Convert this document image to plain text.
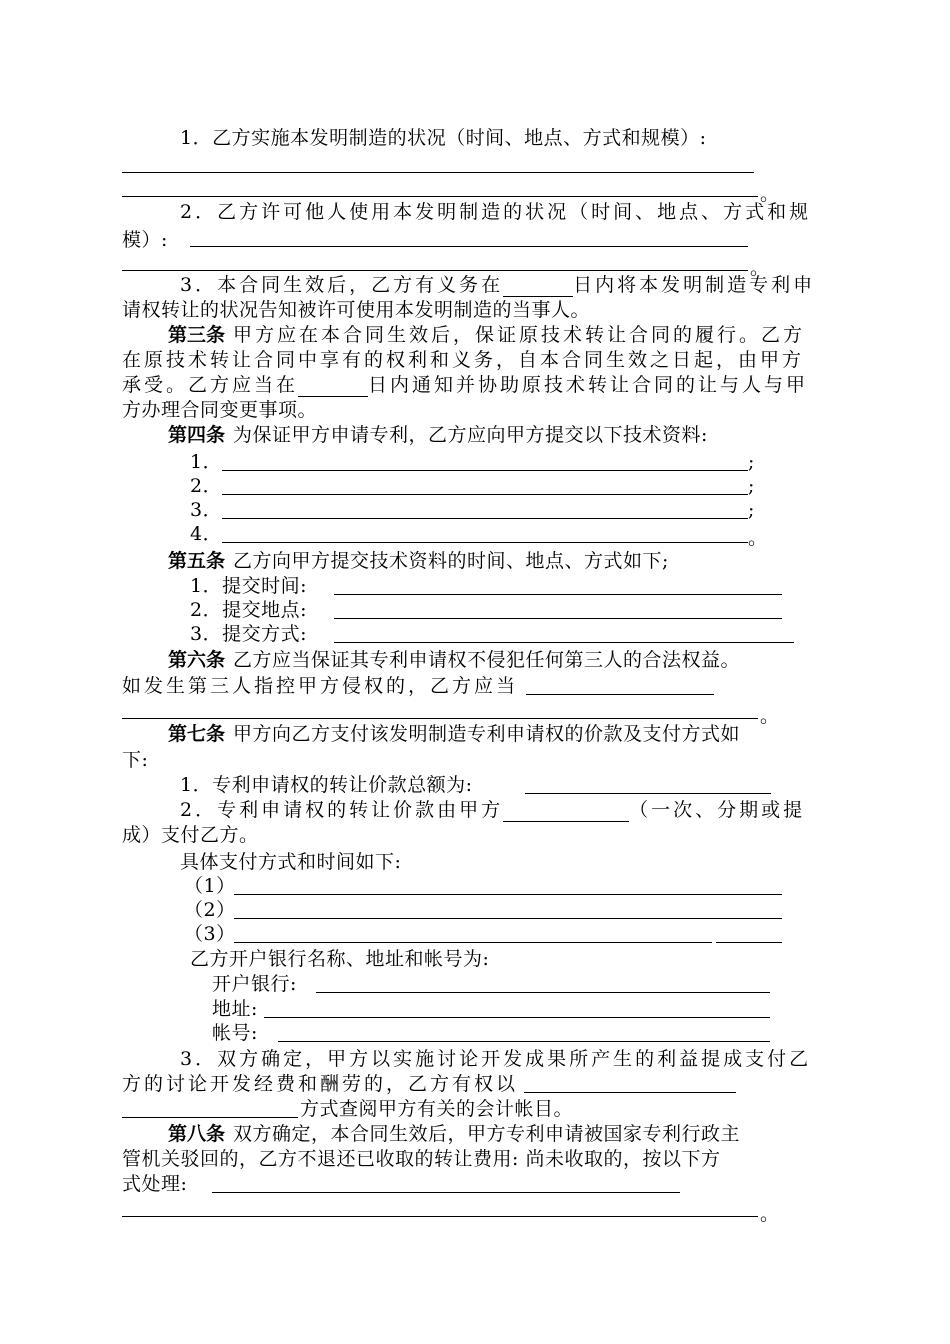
1．乙方实施本发明制造的状况（时间、地点、方式和规模）:
。
2．乙方许可他人使用本发明制造的状况（时间、地点、方式和规
模）:
。
3．本合同生效后，乙方有义务在	日内将本发明制造专利申
请权转让的状况告知被许可使用本发明制造的当事人。
第三条 甲方应在本合同生效后，保证原技术转让合同的履行。乙方
在原技术转让合同中享有的权利和义务，自本合同生效之日起，由甲方
承受。乙方应当在	日内通知并协助原技术转让合同的让与人与甲
方办理合同变更事项。
第四条 为保证甲方申请专利，乙方应向甲方提交以下技术资料:
1．	;
2．	;
3．	;
4．	。
第五条 乙方向甲方提交技术资料的时间、地点、方式如下;
1．提交时间:
2．提交地点:
3．提交方式:
第六条 乙方应当保证其专利申请权不侵犯任何第三人的合法权益。
如发生第三人指控甲方侵权的，乙方应当
。
第七条 甲方向乙方支付该发明制造专利申请权的价款及支付方式如
下:
1．专利申请权的转让价款总额为:
2．专利申请权的转让价款由甲方	（一次、分期或提
成）支付乙方。
具体支付方式和时间如下:
（1）
（2）
（3）
乙方开户银行名称、地址和帐号为:
开户银行:
地址:
帐号:
3．双方确定，甲方以实施讨论开发成果所产生的利益提成支付乙
方的讨论开发经费和酬劳的，乙方有权以
方式查阅甲方有关的会计帐目。
第八条 双方确定，本合同生效后，甲方专利申请被国家专利行政主
管机关驳回的，乙方不退还已收取的转让费用: 尚未收取的，按以下方
式处理:
。
